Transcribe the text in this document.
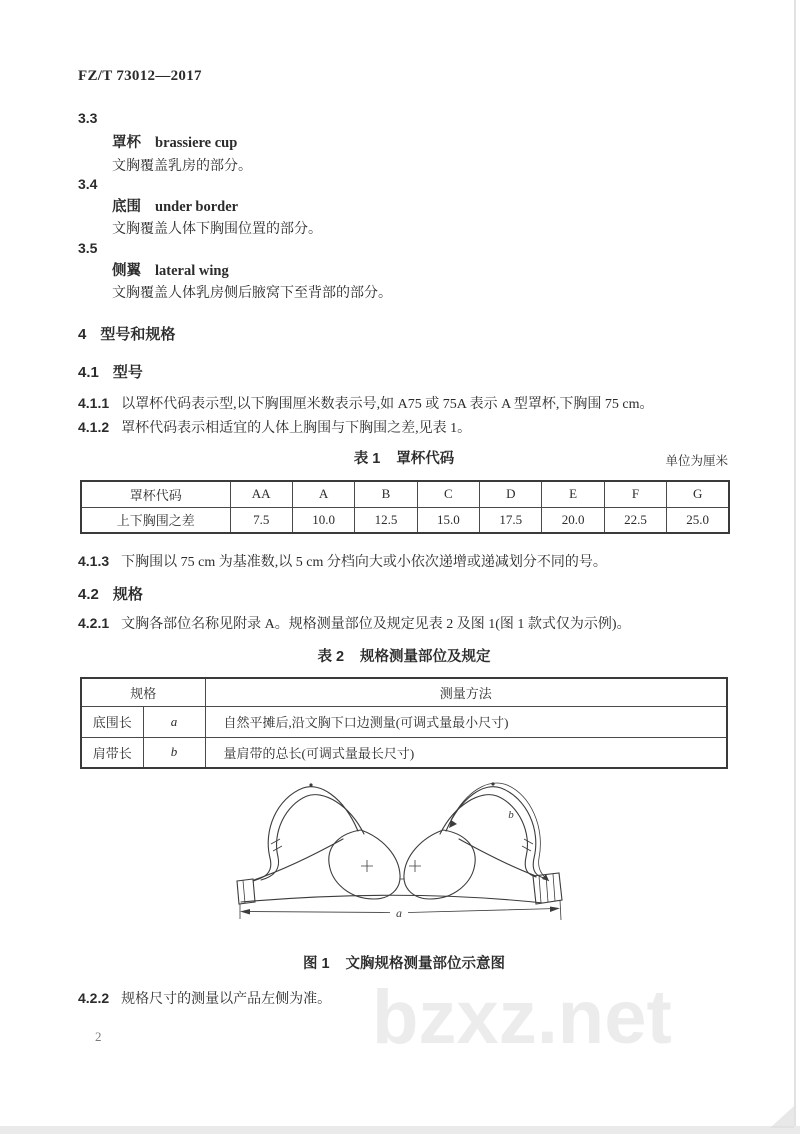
FZ/T 73012—2017
3.3
罩杯 brassiere cup
文胸覆盖乳房的部分。
3.4
底围 under border
文胸覆盖人体下胸围位置的部分。
3.5
侧翼 lateral wing
文胸覆盖人体乳房侧后腋窝下至背部的部分。
4 型号和规格
4.1 型号
4.1.1 以罩杯代码表示型,以下胸围厘米数表示号,如 A75 或 75A 表示 A 型罩杯,下胸围 75 cm。
4.1.2 罩杯代码表示相适宜的人体上胸围与下胸围之差,见表 1。
表 1 罩杯代码	单位为厘米
罩杯代码	AA	A	B	C	D	E	F	G
上下胸围之差	7.5	10.0	12.5	15.0	17.5	20.0	22.5	25.0
4.1.3 下胸围以 75 cm 为基准数,以 5 cm 分档向大或小依次递增或递减划分不同的号。
4.2 规格
4.2.1 文胸各部位名称见附录 A。规格测量部位及规定见表 2 及图 1(图 1 款式仅为示例)。
表 2 规格测量部位及规定
规格		测量方法
底围长	a	自然平摊后,沿文胸下口边测量(可调式量最小尺寸)
肩带长	b	量肩带的总长(可调式量最长尺寸)
b
a
图 1 文胸规格测量部位示意图
4.2.2 规格尺寸的测量以产品左侧为准。
2	bzxz.net
